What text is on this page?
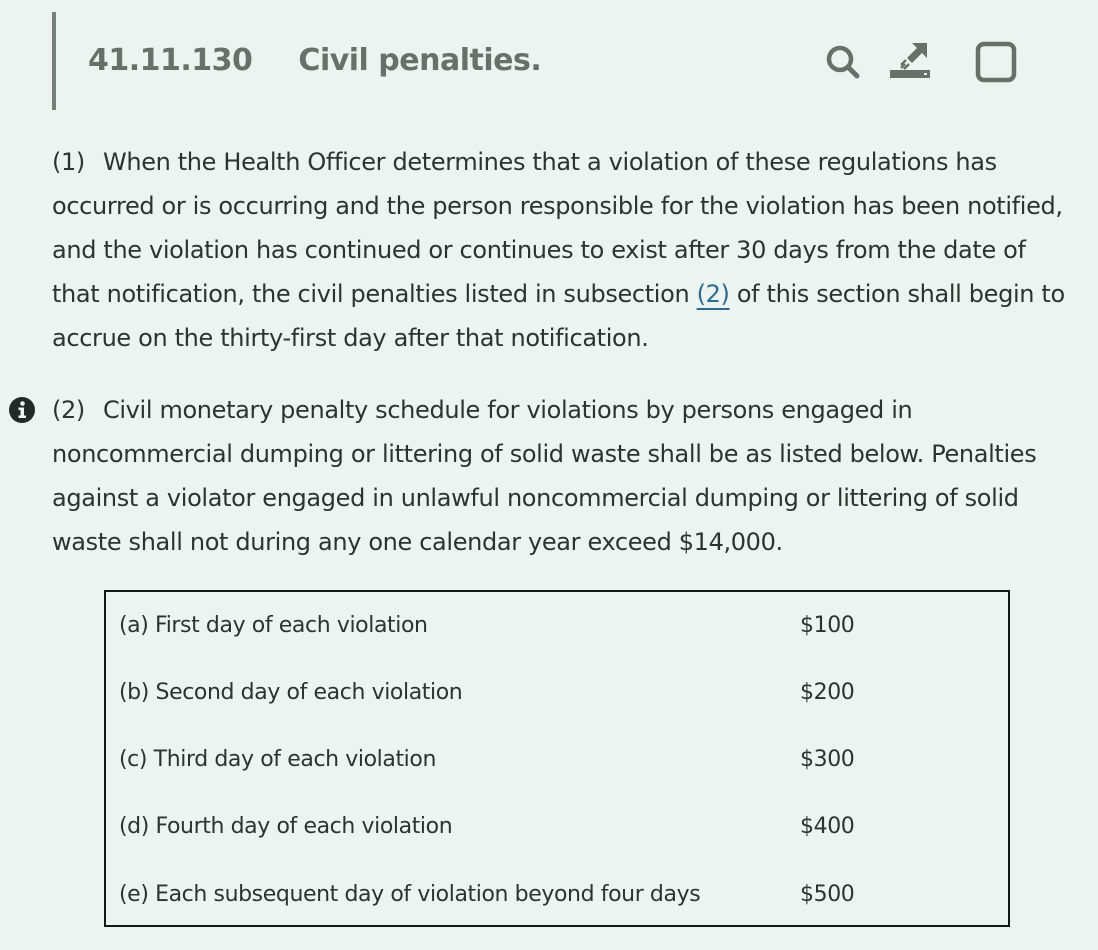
41.11.130 Civil penalties.
(1) When the Health Officer determines that a violation of these regulations has occurred or is occurring and the person responsible for the violation has been notified, and the violation has continued or continues to exist after 30 days from the date of that notification, the civil penalties listed in subsection (2) of this section shall begin to accrue on the thirty-first day after that notification.
(2) Civil monetary penalty schedule for violations by persons engaged in noncommercial dumping or littering of solid waste shall be as listed below. Penalties against a violator engaged in unlawful noncommercial dumping or littering of solid waste shall not during any one calendar year exceed $14,000.
(a) First day of each violation	$100
(b) Second day of each violation	$200
(c) Third day of each violation	$300
(d) Fourth day of each violation	$400
(e) Each subsequent day of violation beyond four days	$500
